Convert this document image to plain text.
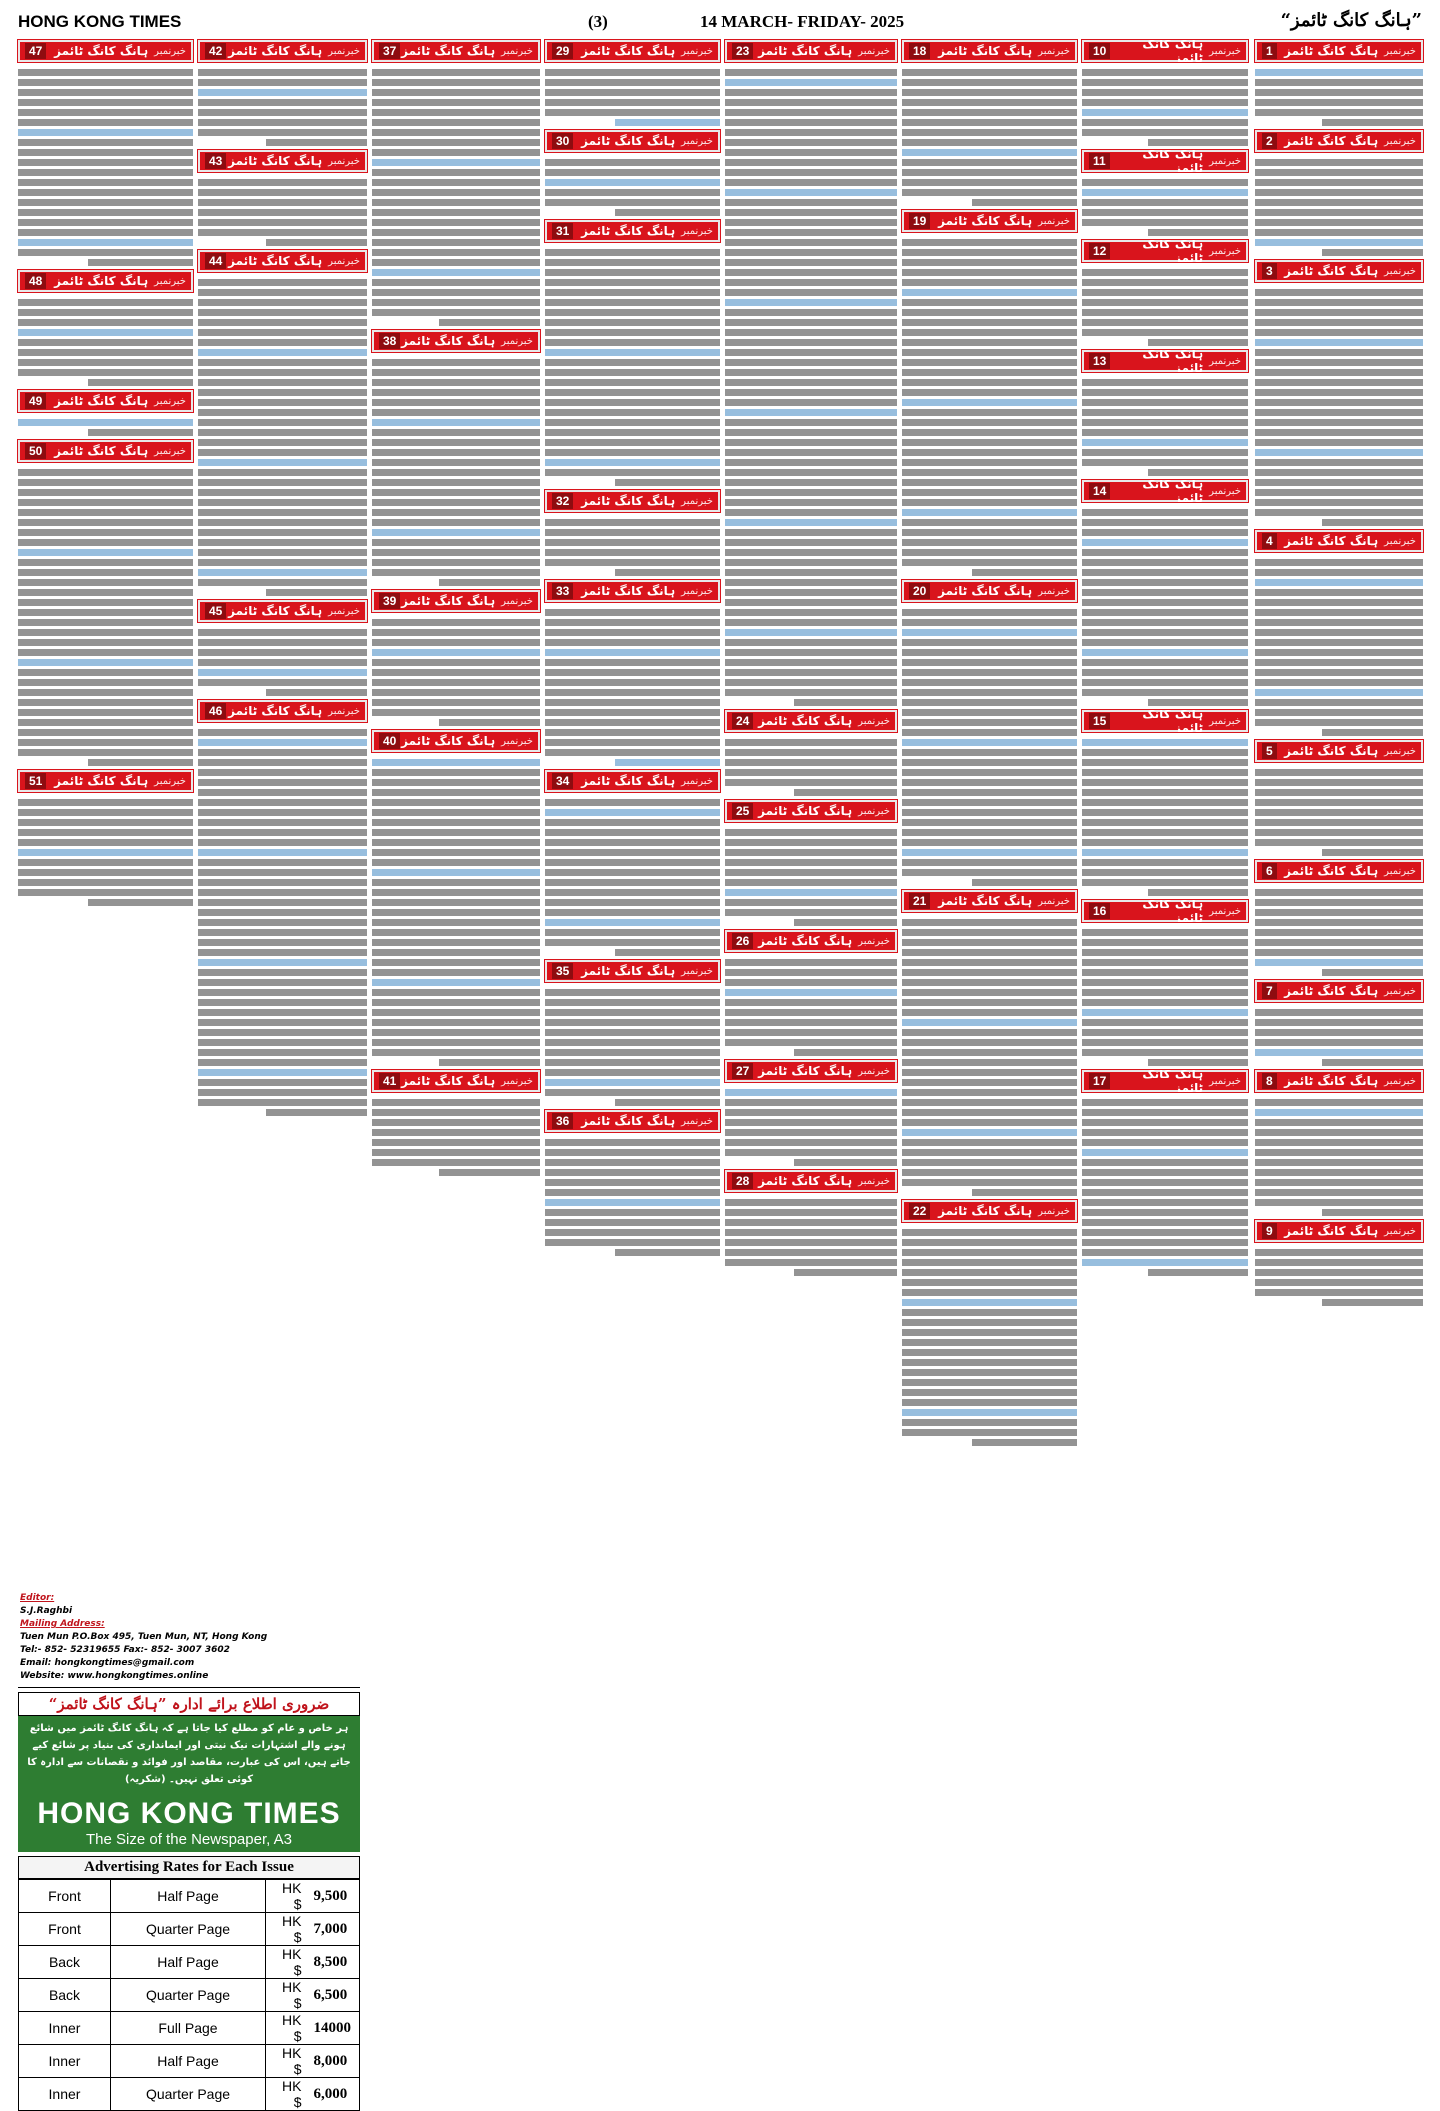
HONG KONG TIMES	(3)	14 MARCH- FRIDAY- 2025	”ہانگ کانگ ٹائمز“
خبرنمبر
ہانگ کانگ ٹائمز
1
خبرنمبر
ہانگ کانگ ٹائمز
2
خبرنمبر
ہانگ کانگ ٹائمز
3
خبرنمبر
ہانگ کانگ ٹائمز
4
خبرنمبر
ہانگ کانگ ٹائمز
5
خبرنمبر
ہانگ کانگ ٹائمز
6
خبرنمبر
ہانگ کانگ ٹائمز
7
خبرنمبر
ہانگ کانگ ٹائمز
8
خبرنمبر
ہانگ کانگ ٹائمز
9
خبرنمبر
ہانگ کانگ ٹائمز
10
خبرنمبر
ہانگ کانگ ٹائمز
11
خبرنمبر
ہانگ کانگ ٹائمز
12
خبرنمبر
ہانگ کانگ ٹائمز
13
خبرنمبر
ہانگ کانگ ٹائمز
14
خبرنمبر
ہانگ کانگ ٹائمز
15
خبرنمبر
ہانگ کانگ ٹائمز
16
خبرنمبر
ہانگ کانگ ٹائمز
17
خبرنمبر
ہانگ کانگ ٹائمز
18
خبرنمبر
ہانگ کانگ ٹائمز
19
خبرنمبر
ہانگ کانگ ٹائمز
20
خبرنمبر
ہانگ کانگ ٹائمز
21
خبرنمبر
ہانگ کانگ ٹائمز
22
خبرنمبر
ہانگ کانگ ٹائمز
23
خبرنمبر
ہانگ کانگ ٹائمز
24
خبرنمبر
ہانگ کانگ ٹائمز
25
خبرنمبر
ہانگ کانگ ٹائمز
26
خبرنمبر
ہانگ کانگ ٹائمز
27
خبرنمبر
ہانگ کانگ ٹائمز
28
خبرنمبر
ہانگ کانگ ٹائمز
29
خبرنمبر
ہانگ کانگ ٹائمز
30
خبرنمبر
ہانگ کانگ ٹائمز
31
خبرنمبر
ہانگ کانگ ٹائمز
32
خبرنمبر
ہانگ کانگ ٹائمز
33
خبرنمبر
ہانگ کانگ ٹائمز
34
خبرنمبر
ہانگ کانگ ٹائمز
35
خبرنمبر
ہانگ کانگ ٹائمز
36
خبرنمبر
ہانگ کانگ ٹائمز
37
خبرنمبر
ہانگ کانگ ٹائمز
38
خبرنمبر
ہانگ کانگ ٹائمز
39
خبرنمبر
ہانگ کانگ ٹائمز
40
خبرنمبر
ہانگ کانگ ٹائمز
41
خبرنمبر
ہانگ کانگ ٹائمز
42
خبرنمبر
ہانگ کانگ ٹائمز
43
خبرنمبر
ہانگ کانگ ٹائمز
44
خبرنمبر
ہانگ کانگ ٹائمز
45
خبرنمبر
ہانگ کانگ ٹائمز
46
خبرنمبر
ہانگ کانگ ٹائمز
47
خبرنمبر
ہانگ کانگ ٹائمز
48
خبرنمبر
ہانگ کانگ ٹائمز
49
خبرنمبر
ہانگ کانگ ٹائمز
50
خبرنمبر
ہانگ کانگ ٹائمز
51
Editor:
S.J.Raghbi
Mailing Address:
Tuen Mun P.O.Box 495, Tuen Mun, NT, Hong Kong
Tel:- 852- 52319655 Fax:- 852- 3007 3602
Email: hongkongtimes@gmail.com
Website: www.hongkongtimes.online
ضروری اطلاع برائے ادارہ ”ہانگ کانگ ٹائمز“
ہر خاص و عام کو مطلع کیا جاتا ہے کہ ہانگ کانگ ٹائمز میں شائع ہونے والے اشتہارات نیک نیتی اور ایمانداری کی بنیاد پر شائع کیے جاتے ہیں، اس کی عبارت، مقاصد اور فوائد و نقصانات سے ادارہ کا کوئی تعلق نہیں۔ (شکریہ)
HONG KONG TIMES
The Size of the Newspaper, A3
Advertising Rates for Each Issue
Front	Half Page	HK $	9,500
Front	Quarter Page	HK $	7,000
Back	Half Page	HK $	8,500
Back	Quarter Page	HK $	6,500
Inner	Full Page	HK $	14000
Inner	Half Page	HK $	8,000
Inner	Quarter Page	HK $	6,000
